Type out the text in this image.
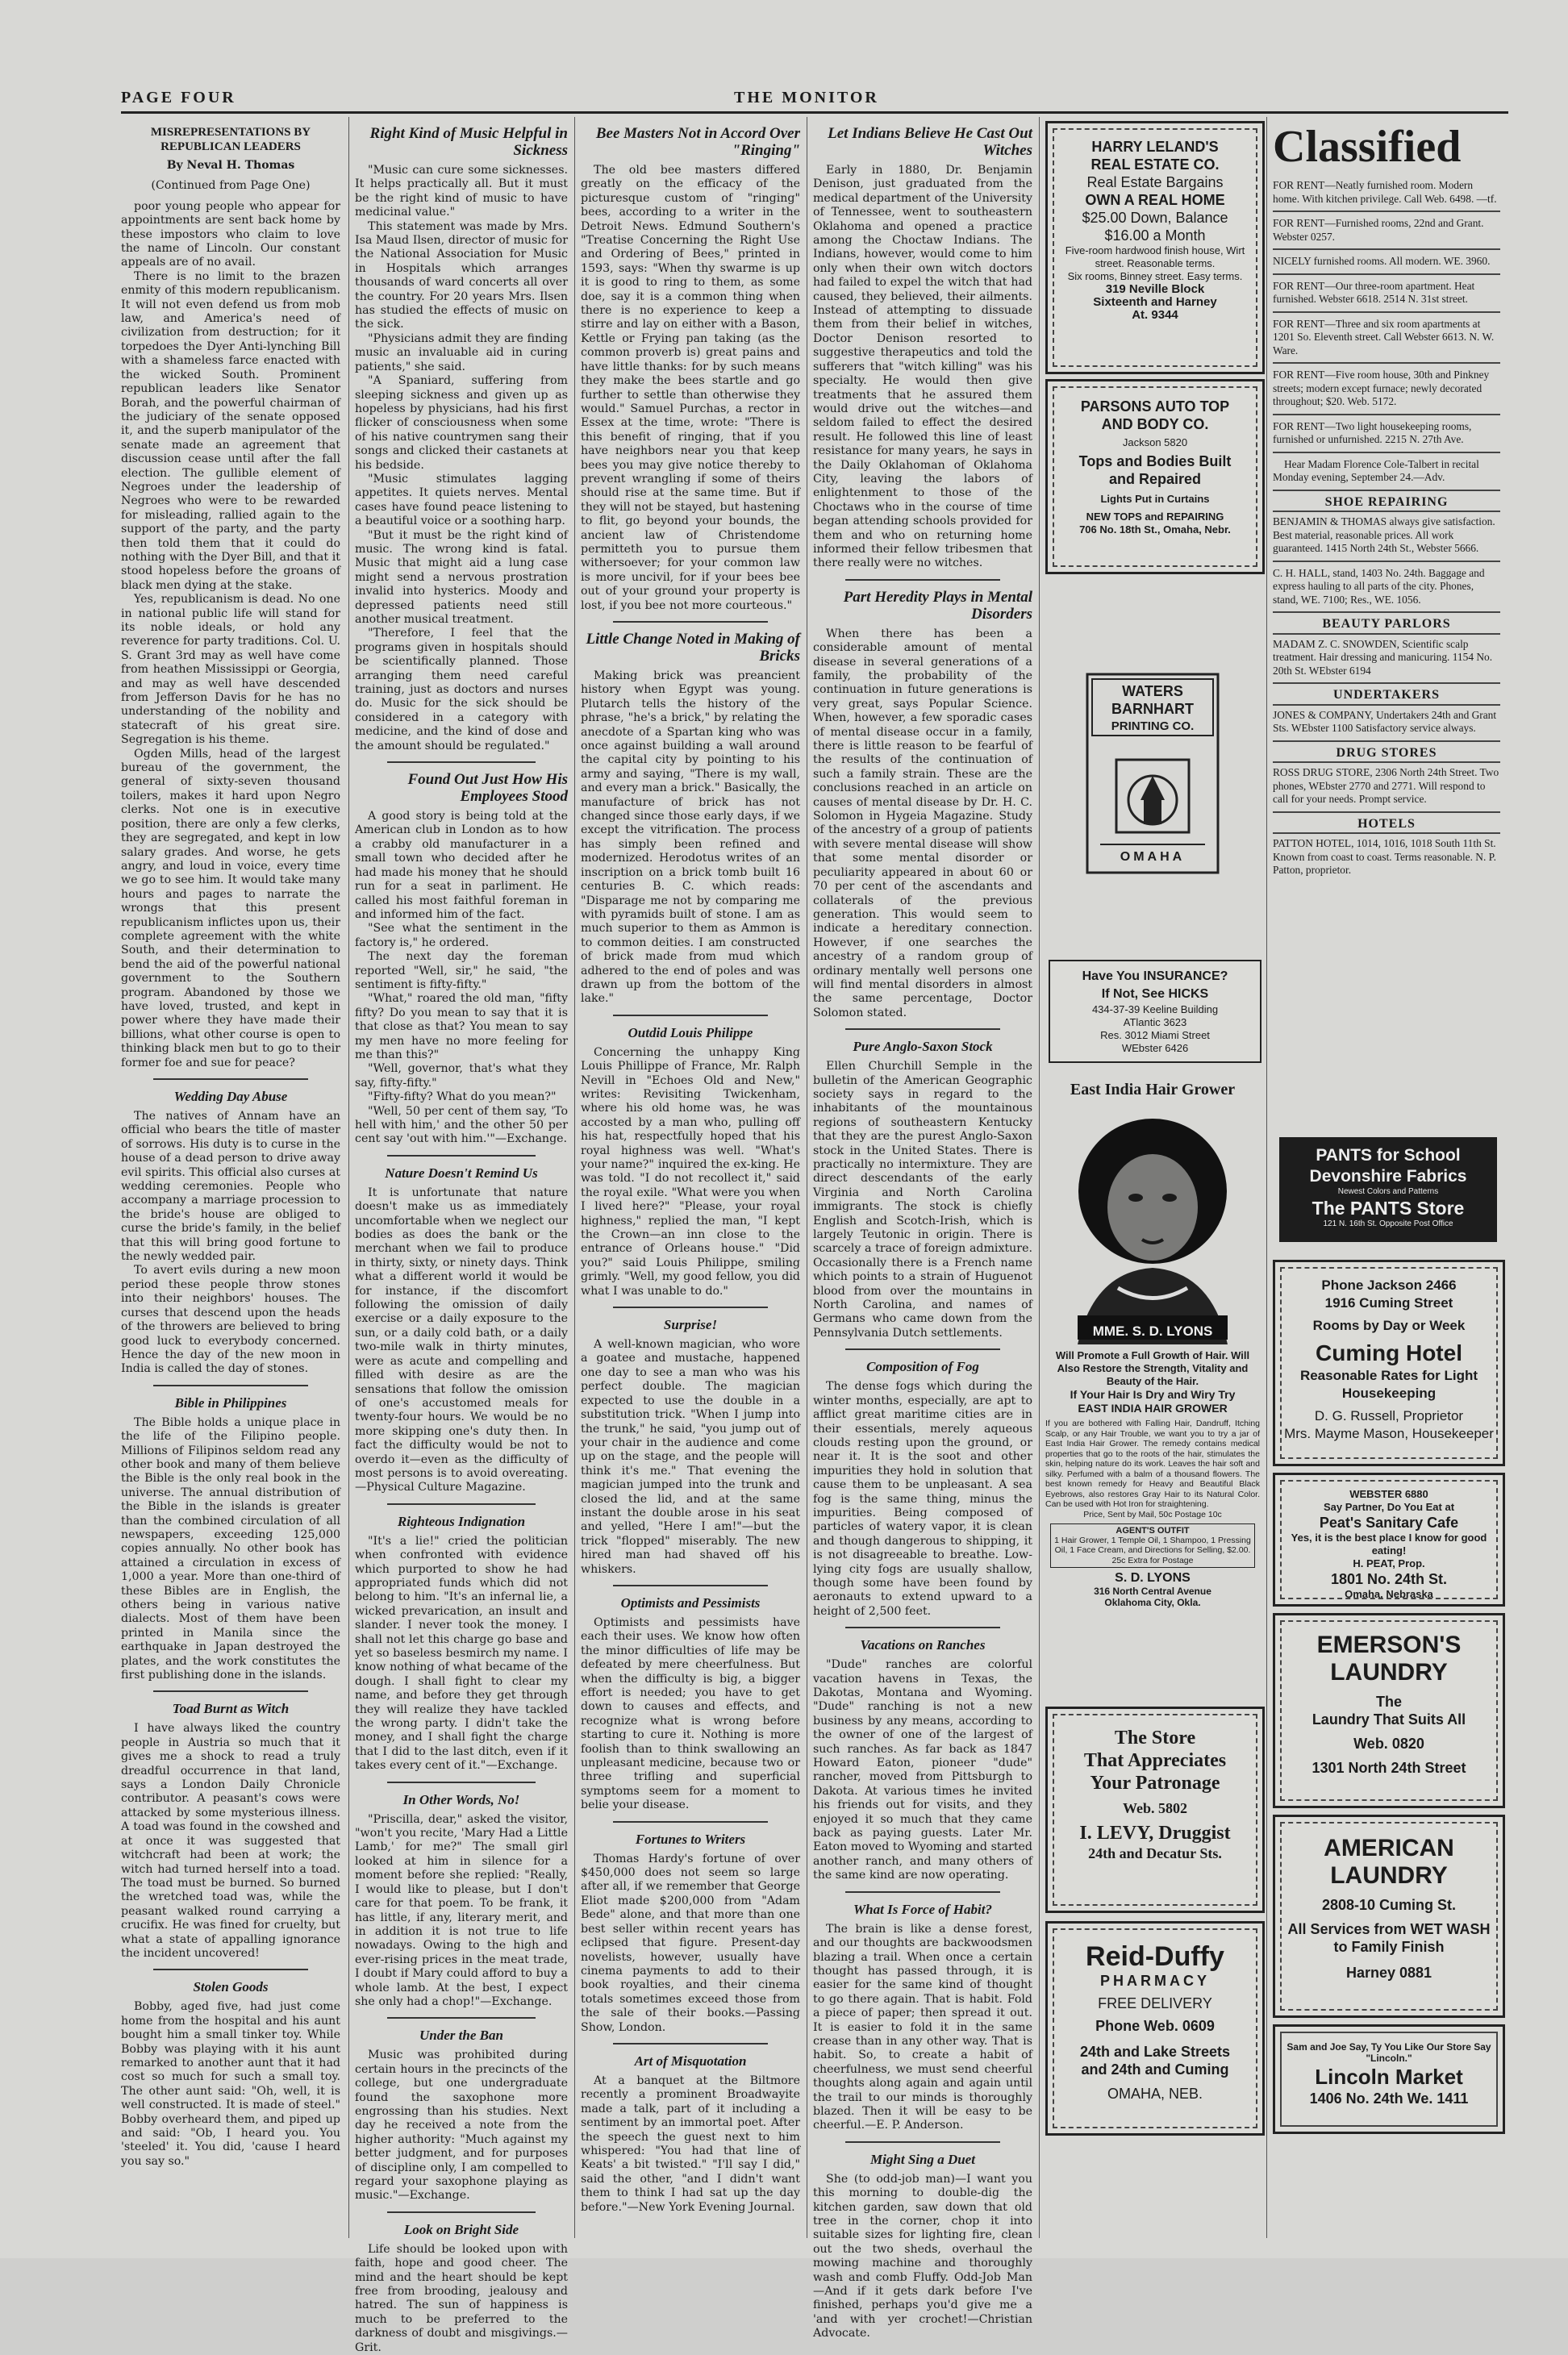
PAGE FOUR	THE MONITOR
MISREPRESENTATIONS BY REPUBLICAN LEADERS
By Neval H. Thomas
(Continued from Page One)

poor young people who appear for appointments are sent back home by these impostors who claim to love the name of Lincoln. Our constant appeals are of no avail.

There is no limit to the brazen enmity of this modern republicanism. It will not even defend us from mob law, and America's need of civilization from destruction; for it torpedoes the Dyer Anti-lynching Bill with a shameless farce enacted with the wicked South. Prominent republican leaders like Senator Borah, and the powerful chairman of the judiciary of the senate opposed it, and the superb manipulator of the senate made an agreement that discussion cease until after the fall election. The gullible element of Negroes under the leadership of Negroes who were to be rewarded for misleading, rallied again to the support of the party, and the party then told them that it could do nothing with the Dyer Bill, and that it stood hopeless before the groans of black men dying at the stake.

Yes, republicanism is dead. No one in national public life will stand for its noble ideals, or hold any reverence for party traditions. Col. U. S. Grant 3rd may as well have come from heathen Mississippi or Georgia, and may as well have descended from Jefferson Davis for he has no understanding of the nobility and statecraft of his great sire. Segregation is his theme.

Ogden Mills, head of the largest bureau of the government, the general of sixty-seven thousand toilers, makes it hard upon Negro clerks. Not one is in executive position, there are only a few clerks, they are segregated, and kept in low salary grades. And worse, he gets angry, and loud in voice, every time we go to see him. It would take many hours and pages to narrate the wrongs that this present republicanism inflictes upon us, their complete agreement with the white South, and their determination to bend the aid of the powerful national government to the Southern program. Abandoned by those we have loved, trusted, and kept in power where they have made their billions, what other course is open to thinking black men but to go to their former foe and sue for peace?

Wedding Day Abuse

The natives of Annam have an official who bears the title of master of sorrows. His duty is to curse in the house of a dead person to drive away evil spirits. This official also curses at wedding ceremonies. People who accompany a marriage procession to the bride's house are obliged to curse the bride's family, in the belief that this will bring good fortune to the newly wedded pair.

To avert evils during a new moon period these people throw stones into their neighbors' houses. The curses that descend upon the heads of the throwers are believed to bring good luck to everybody concerned. Hence the day of the new moon in India is called the day of stones.

Bible in Philippines

The Bible holds a unique place in the life of the Filipino people. Millions of Filipinos seldom read any other book and many of them believe the Bible is the only real book in the universe. The annual distribution of the Bible in the islands is greater than the combined circulation of all newspapers, exceeding 125,000 copies annually. No other book has attained a circulation in excess of 1,000 a year. More than one-third of these Bibles are in English, the others being in various native dialects. Most of them have been printed in Manila since the earthquake in Japan destroyed the plates, and the work constitutes the first publishing done in the islands.

Toad Burnt as Witch

I have always liked the country people in Austria so much that it gives me a shock to read a truly dreadful occurrence in that land, says a London Daily Chronicle contributor. A peasant's cows were attacked by some mysterious illness. A toad was found in the cowshed and at once it was suggested that witchcraft had been at work; the witch had turned herself into a toad. The toad must be burned. So burned the wretched toad was, while the peasant walked round carrying a crucifix. He was fined for cruelty, but what a state of appalling ignorance the incident uncovered!

Stolen Goods

Bobby, aged five, had just come home from the hospital and his aunt bought him a small tinker toy. While Bobby was playing with it his aunt remarked to another aunt that it had cost so much for such a small toy. The other aunt said: "Oh, well, it is well constructed. It is made of steel." Bobby overheard them, and piped up and said: "Ob, I heard you. You 'steeled' it. You did, 'cause I heard you say so."

Right Kind of Music Helpful in Sickness

"Music can cure some sicknesses. It helps practically all. But it must be the right kind of music to have medicinal value."

This statement was made by Mrs. Isa Maud Ilsen, director of music for the National Association for Music in Hospitals which arranges thousands of ward concerts all over the country. For 20 years Mrs. Ilsen has studied the effects of music on the sick.

"Physicians admit they are finding music an invaluable aid in curing patients," she said.

"A Spaniard, suffering from sleeping sickness and given up as hopeless by physicians, had his first flicker of consciousness when some of his native countrymen sang their songs and clicked their castanets at his bedside.

"Music stimulates lagging appetites. It quiets nerves. Mental cases have found peace listening to a beautiful voice or a soothing harp.

"But it must be the right kind of music. The wrong kind is fatal. Music that might aid a lung case might send a nervous prostration invalid into hysterics. Moody and depressed patients need still another musical treatment.

"Therefore, I feel that the programs given in hospitals should be scientifically planned. Those arranging them need careful training, just as doctors and nurses do. Music for the sick should be considered in a category with medicine, and the kind of dose and the amount should be regulated."

Found Out Just How His Employees Stood

A good story is being told at the American club in London as to how a crabby old manufacturer in a small town who decided after he had made his money that he should run for a seat in parliment. He called his most faithful foreman in and informed him of the fact.

"See what the sentiment in the factory is," he ordered.

The next day the foreman reported "Well, sir," he said, "the sentiment is fifty-fifty."

"What," roared the old man, "fifty fifty? Do you mean to say that it is that close as that? You mean to say my men have no more feeling for me than this?"

"Well, governor, that's what they say, fifty-fifty."

"Fifty-fifty? What do you mean?"

"Well, 50 per cent of them say, 'To hell with him,' and the other 50 per cent say 'out with him.'"—Exchange.

Nature Doesn't Remind Us

It is unfortunate that nature doesn't make us as immediately uncomfortable when we neglect our bodies as does the bank or the merchant when we fail to produce in thirty, sixty, or ninety days. Think what a different world it would be for instance, if the discomfort following the omission of daily exercise or a daily exposure to the sun, or a daily cold bath, or a daily two-mile walk in thirty minutes, were as acute and compelling and filled with desire as are the sensations that follow the omission of one's accustomed meals for twenty-four hours. We would be no more skipping one's duty then. In fact the difficulty would be not to overdo it—even as the difficulty of most persons is to avoid overeating.—Physical Culture Magazine.

Righteous Indignation

"It's a lie!" cried the politician when confronted with evidence which purported to show he had appropriated funds which did not belong to him. "It's an infernal lie, a wicked prevarication, an insult and slander. I never took the money. I shall not let this charge go base and yet so baseless besmirch my name. I know nothing of what became of the dough. I shall fight to clear my name, and before they get through they will realize they have tackled the wrong party. I didn't take the money, and I shall fight the charge that I did to the last ditch, even if it takes every cent of it."—Exchange.

In Other Words, No!

"Priscilla, dear," asked the visitor, "won't you recite, 'Mary Had a Little Lamb,' for me?" The small girl looked at him in silence for a moment before she replied: "Really, I would like to please, but I don't care for that poem. To be frank, it has little, if any, literary merit, and in addition it is not true to life nowadays. Owing to the high and ever-rising prices in the meat trade, I doubt if Mary could afford to buy a whole lamb. At the best, I expect she only had a chop!"—Exchange.

Under the Ban

Music was prohibited during certain hours in the precincts of the college, but one undergraduate found the saxophone more engrossing than his studies. Next day he received a note from the higher authority: "Much against my better judgment, and for purposes of discipline only, I am compelled to regard your saxophone playing as music."—Exchange.

Look on Bright Side

Life should be looked upon with faith, hope and good cheer. The mind and the heart should be kept free from brooding, jealousy and hatred. The sun of happiness is much to be preferred to the darkness of doubt and misgivings.—Grit.

Bee Masters Not in Accord Over "Ringing"

The old bee masters differed greatly on the efficacy of the picturesque custom of "ringing" bees, according to a writer in the Detroit News. Edmund Southern's "Treatise Concerning the Right Use and Ordering of Bees," printed in 1593, says: "When thy swarme is up it is good to ring to them, as some doe, say it is a common thing when there is no experience to keep a stirre and lay on either with a Bason, Kettle or Frying pan taking (as the common proverb is) great pains and have little thanks: for by such means they make the bees startle and go further to settle than otherwise they would." Samuel Purchas, a rector in Essex at the time, wrote: "There is this benefit of ringing, that if you have neighbors near you that keep bees you may give notice thereby to prevent wrangling if some of theirs should rise at the same time. But if they will not be stayed, but hastening to flit, go beyond your bounds, the ancient law of Christendome permitteth you to pursue them withersoever; for your common law is more uncivil, for if your bees bee out of your ground your property is lost, if you bee not more courteous."

Little Change Noted in Making of Bricks

Making brick was preancient history when Egypt was young. Plutarch tells the history of the phrase, "he's a brick," by relating the anecdote of a Spartan king who was once against building a wall around the capital city by pointing to his army and saying, "There is my wall, and every man a brick." Basically, the manufacture of brick has not changed since those early days, if we except the vitrification. The process has simply been refined and modernized. Herodotus writes of an inscription on a brick tomb built 16 centuries B. C. which reads: "Disparage me not by comparing me with pyramids built of stone. I am as much superior to them as Ammon is to common deities. I am constructed of brick made from mud which adhered to the end of poles and was drawn up from the bottom of the lake."

Outdid Louis Philippe

Concerning the unhappy King Louis Phillippe of France, Mr. Ralph Nevill in "Echoes Old and New," writes: Revisiting Twickenham, where his old home was, he was accosted by a man who, pulling off his hat, respectfully hoped that his royal highness was well. "What's your name?" inquired the ex-king. He was told. "I do not recollect it," said the royal exile. "What were you when I lived here?" "Please, your royal highness," replied the man, "I kept the Crown—an inn close to the entrance of Orleans house." "Did you?" said Louis Philippe, smiling grimly. "Well, my good fellow, you did what I was unable to do."

Surprise!

A well-known magician, who wore a goatee and mustache, happened one day to see a man who was his perfect double. The magician expected to use the double in a substitution trick. "When I jump into the trunk," he said, "you jump out of your chair in the audience and come up on the stage, and the people will think it's me." That evening the magician jumped into the trunk and closed the lid, and at the same instant the double arose in his seat and yelled, "Here I am!"—but the trick "flopped" miserably. The new hired man had shaved off his whiskers.

Optimists and Pessimists

Optimists and pessimists have each their uses. We know how often the minor difficulties of life may be defeated by mere cheerfulness. But when the difficulty is big, a bigger effort is needed; you have to get down to causes and effects, and recognize what is wrong before starting to cure it. Nothing is more foolish than to think swallowing an unpleasant medicine, because two or three trifling and superficial symptoms seem for a moment to belie your disease.

Fortunes to Writers

Thomas Hardy's fortune of over $450,000 does not seem so large after all, if we remember that George Eliot made $200,000 from "Adam Bede" alone, and that more than one best seller within recent years has eclipsed that figure. Present-day novelists, however, usually have cinema payments to add to their book royalties, and their cinema totals sometimes exceed those from the sale of their books.—Passing Show, London.

Art of Misquotation

At a banquet at the Biltmore recently a prominent Broadwayite made a talk, part of it including a sentiment by an immortal poet. After the speech the guest next to him whispered: "You had that line of Keats' a bit twisted." "I'll say I did," said the other, "and I didn't want them to think I had sat up the day before."—New York Evening Journal.

Let Indians Believe He Cast Out Witches

Early in 1880, Dr. Benjamin Denison, just graduated from the medical department of the University of Tennessee, went to southeastern Oklahoma and opened a practice among the Choctaw Indians. The Indians, however, would come to him only when their own witch doctors had failed to expel the witch that had caused, they believed, their ailments. Instead of attempting to dissuade them from their belief in witches, Doctor Denison resorted to suggestive therapeutics and told the sufferers that "witch killing" was his specialty. He would then give treatments that he assured them would drive out the witches—and seldom failed to effect the desired result. He followed this line of least resistance for many years, he says in the Daily Oklahoman of Oklahoma City, leaving the labors of enlightenment to those of the Choctaws who in the course of time began attending schools provided for them and who on returning home informed their fellow tribesmen that there really were no witches.

Part Heredity Plays in Mental Disorders

When there has been a considerable amount of mental disease in several generations of a family, the probability of the continuation in future generations is very great, says Popular Science. When, however, a few sporadic cases of mental disease occur in a family, there is little reason to be fearful of the results of the continuation of such a family strain. These are the conclusions reached in an article on causes of mental disease by Dr. H. C. Solomon in Hygeia Magazine. Study of the ancestry of a group of patients with severe mental disease will show that some mental disorder or peculiarity appeared in about 60 or 70 per cent of the ascendants and collaterals of the previous generation. This would seem to indicate a hereditary connection. However, if one searches the ancestry of a random group of ordinary mentally well persons one will find mental disorders in almost the same percentage, Doctor Solomon stated.

Pure Anglo-Saxon Stock

Ellen Churchill Semple in the bulletin of the American Geographic society says in regard to the inhabitants of the mountainous regions of southeastern Kentucky that they are the purest Anglo-Saxon stock in the United States. There is practically no intermixture. They are direct descendants of the early Virginia and North Carolina immigrants. The stock is chiefly English and Scotch-Irish, which is largely Teutonic in origin. There is scarcely a trace of foreign admixture. Occasionally there is a French name which points to a strain of Huguenot blood from over the mountains in North Carolina, and names of Germans who came down from the Pennsylvania Dutch settlements.

Composition of Fog

The dense fogs which during the winter months, especially, are apt to afflict great maritime cities are in their essentials, merely aqueous clouds resting upon the ground, or near it. It is the soot and other impurities they hold in solution that cause them to be unpleasant. A sea fog is the same thing, minus the impurities. Being composed of particles of watery vapor, it is clean and though dangerous to shipping, it is not disagreeable to breathe. Low-lying city fogs are usually shallow, though some have been found by aeronauts to extend upward to a height of 2,500 feet.

Vacations on Ranches

"Dude" ranches are colorful vacation havens in Texas, the Dakotas, Montana and Wyoming. "Dude" ranching is not a new business by any means, according to the owner of one of the largest of such ranches. As far back as 1847 Howard Eaton, pioneer "dude" rancher, moved from Pittsburgh to Dakota. At various times he invited his friends out for visits, and they enjoyed it so much that they came back as paying guests. Later Mr. Eaton moved to Wyoming and started another ranch, and many others of the same kind are now operating.

What Is Force of Habit?

The brain is like a dense forest, and our thoughts are backwoodsmen blazing a trail. When once a certain thought has passed through, it is easier for the same kind of thought to go there again. That is habit. Fold a piece of paper; then spread it out. It is easier to fold it in the same crease than in any other way. That is habit. So, to create a habit of cheerfulness, we must send cheerful thoughts along again and again until the trail to our minds is thoroughly blazed. Then it will be easy to be cheerful.—E. P. Anderson.

Might Sing a Duet

She (to odd-job man)—I want you this morning to double-dig the kitchen garden, saw down that old tree in the corner, chop it into suitable sizes for lighting fire, clean out the two sheds, overhaul the mowing machine and thoroughly wash and comb Fluffy. Odd-Job Man—And if it gets dark before I've finished, perhaps you'd give me a 'and with yer crochet!—Christian Advocate.

HARRY LELAND'S
REAL ESTATE CO.
Real Estate Bargains
OWN A REAL HOME
$25.00 Down, Balance
$16.00 a Month
Five-room hardwood finish house, Wirt street. Reasonable terms.
Six rooms, Binney street. Easy terms.
319 Neville Block
Sixteenth and Harney
At. 9344
PARSONS AUTO TOP
AND BODY CO.
Jackson 5820
Tops and Bodies Built
and Repaired
Lights Put in Curtains
NEW TOPS and REPAIRING
706 No. 18th St., Omaha, Nebr.
WATERS
BARNHART
PRINTING CO.
OMAHA
Have You INSURANCE?
If Not, See HICKS
434-37-39 Keeline Building
ATlantic 3623
Res. 3012 Miami Street
WEbster 6426
East India Hair Grower
MME. S. D. LYONS
Will Promote a Full Growth of Hair. Will Also Restore the Strength, Vitality and Beauty of the Hair.
If Your Hair Is Dry and Wiry Try
EAST INDIA HAIR GROWER
If you are bothered with Falling Hair, Dandruff, Itching Scalp, or any Hair Trouble, we want you to try a jar of East India Hair Grower. The remedy contains medical properties that go to the roots of the hair, stimulates the skin, helping nature do its work. Leaves the hair soft and silky. Perfumed with a balm of a thousand flowers. The best known remedy for Heavy and Beautiful Black Eyebrows, also restores Gray Hair to its Natural Color. Can be used with Hot Iron for straightening.
Price, Sent by Mail, 50c Postage 10c
AGENT'S OUTFIT
1 Hair Grower, 1 Temple Oil, 1 Shampoo, 1 Pressing Oil, 1 Face Cream, and Directions for Selling, $2.00. 25c Extra for Postage
S. D. LYONS
316 North Central Avenue
Oklahoma City, Okla.
The Store
That Appreciates
Your Patronage
Web. 5802
I. LEVY, Druggist
24th and Decatur Sts.
Reid-Duffy
PHARMACY
FREE DELIVERY
Phone Web. 0609
24th and Lake Streets
and 24th and Cuming
OMAHA, NEB.
Classified
FOR RENT—Neatly furnished room. Modern home. With kitchen privilege. Call Web. 6498. —tf.
FOR RENT—Furnished rooms, 22nd and Grant. Webster 0257.
NICELY furnished rooms. All modern. WE. 3960.
FOR RENT—Our three-room apartment. Heat furnished. Webster 6618. 2514 N. 31st street.
FOR RENT—Three and six room apartments at 1201 So. Eleventh street. Call Webster 6613. N. W. Ware.
FOR RENT—Five room house, 30th and Pinkney streets; modern except furnace; newly decorated throughout; $20. Web. 5172.
FOR RENT—Two light housekeeping rooms, furnished or unfurnished. 2215 N. 27th Ave.
Hear Madam Florence Cole-Talbert in recital Monday evening, September 24.—Adv.
SHOE REPAIRING
BENJAMIN & THOMAS always give satisfaction. Best material, reasonable prices. All work guaranteed. 1415 North 24th St., Webster 5666.
C. H. HALL, stand, 1403 No. 24th. Baggage and express hauling to all parts of the city. Phones, stand, WE. 7100; Res., WE. 1056.
BEAUTY PARLORS
MADAM Z. C. SNOWDEN, Scientific scalp treatment. Hair dressing and manicuring. 1154 No. 20th St. WEbster 6194
UNDERTAKERS
JONES & COMPANY, Undertakers 24th and Grant Sts. WEbster 1100 Satisfactory service always.
DRUG STORES
ROSS DRUG STORE, 2306 North 24th Street. Two phones, WEbster 2770 and 2771. Will respond to call for your needs. Prompt service.
HOTELS
PATTON HOTEL, 1014, 1016, 1018 South 11th St. Known from coast to coast. Terms reasonable. N. P. Patton, proprietor.
PANTS for School
Devonshire Fabrics
Newest Colors and Patterns
The PANTS Store
121 N. 16th St. Opposite Post Office
Phone Jackson 2466
1916 Cuming Street
Rooms by Day or Week
Cuming Hotel
Reasonable Rates for Light Housekeeping
D. G. Russell, Proprietor
Mrs. Mayme Mason, Housekeeper
WEBSTER 6880
Say Partner, Do You Eat at
Peat's Sanitary Cafe
Yes, it is the best place I know for good eating!
H. PEAT, Prop.
1801 No. 24th St.
Omaha, Nebraska
EMERSON'S
LAUNDRY
The
Laundry That Suits All
Web. 0820
1301 North 24th Street
AMERICAN
LAUNDRY
2808-10 Cuming St.
All Services from WET WASH to Family Finish
Harney 0881
Sam and Joe Say, Ty You Like Our Store Say "Lincoln."
Lincoln Market
1406 No. 24th We. 1411
